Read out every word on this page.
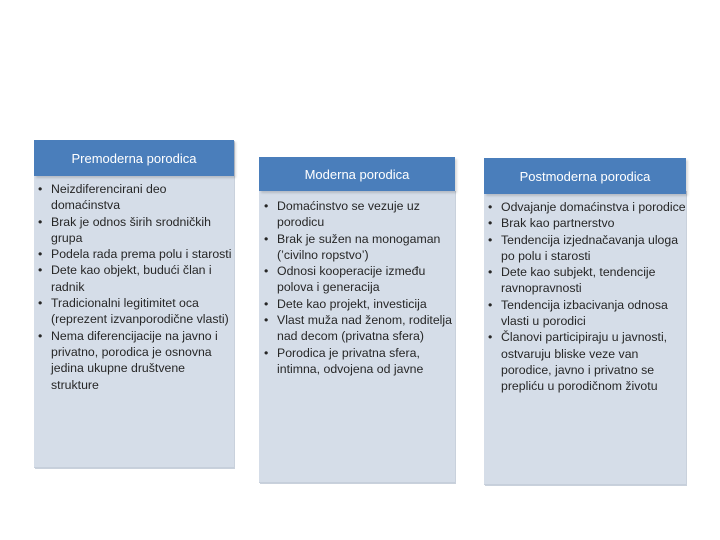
Premoderna porodica
• Neizdiferencirani deo domaćinstva
• Brak je odnos širih srodničkih grupa
• Podela rada prema polu i starosti
• Dete kao objekt, budući član i radnik
• Tradicionalni legitimitet oca (reprezent izvanporodične vlasti)
• Nema diferencijacije na javno i privatno, porodica je osnovna jedina ukupne društvene strukture
Moderna porodica
• Domaćinstvo se vezuje uz porodicu
• Brak je sužen na monogaman (’civilno ropstvo’)
• Odnosi kooperacije između polova i generacija
• Dete kao projekt, investicija
• Vlast muža nad ženom, roditelja nad decom (privatna sfera)
• Porodica je privatna sfera, intimna, odvojena od javne
Postmoderna porodica
• Odvajanje domaćinstva i porodice
• Brak kao partnerstvo
• Tendencija izjednačavanja uloga po polu i starosti
• Dete kao subjekt, tendencije ravnopravnosti
• Tendencija izbacivanja odnosa vlasti u porodici
• Članovi participiraju u javnosti, ostvaruju bliske veze van porodice, javno i privatno se prepliću u porodičnom životu
